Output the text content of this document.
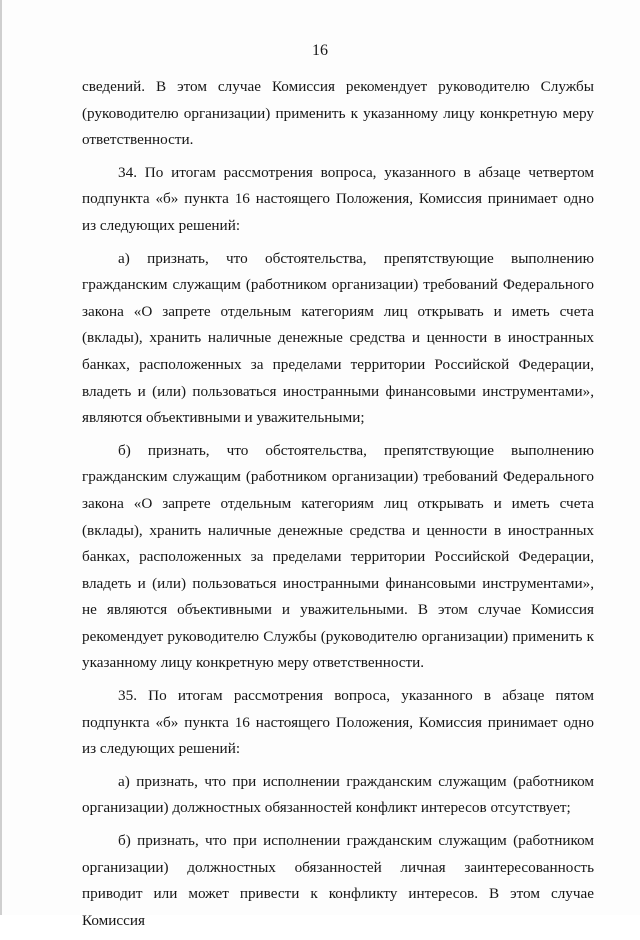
16

сведений. В этом случае Комиссия рекомендует руководителю Службы (руководителю организации) применить к указанному лицу конкретную меру ответственности.

34. По итогам рассмотрения вопроса, указанного в абзаце четвертом подпункта «б» пункта 16 настоящего Положения, Комиссия принимает одно из следующих решений:

а) признать, что обстоятельства, препятствующие выполнению гражданским служащим (работником организации) требований Федерального закона «О запрете отдельным категориям лиц открывать и иметь счета (вклады), хранить наличные денежные средства и ценности в иностранных банках, расположенных за пределами территории Российской Федерации, владеть и (или) пользоваться иностранными финансовыми инструментами», являются объективными и уважительными;

б) признать, что обстоятельства, препятствующие выполнению гражданским служащим (работником организации) требований Федерального закона «О запрете отдельным категориям лиц открывать и иметь счета (вклады), хранить наличные денежные средства и ценности в иностранных банках, расположенных за пределами территории Российской Федерации, владеть и (или) пользоваться иностранными финансовыми инструментами», не являются объективными и уважительными. В этом случае Комиссия рекомендует руководителю Службы (руководителю организации) применить к указанному лицу конкретную меру ответственности.

35. По итогам рассмотрения вопроса, указанного в абзаце пятом подпункта «б» пункта 16 настоящего Положения, Комиссия принимает одно из следующих решений:

а) признать, что при исполнении гражданским служащим (работником организации) должностных обязанностей конфликт интересов отсутствует;

б) признать, что при исполнении гражданским служащим (работником организации) должностных обязанностей личная заинтересованность приводит или может привести к конфликту интересов. В этом случае Комиссия
